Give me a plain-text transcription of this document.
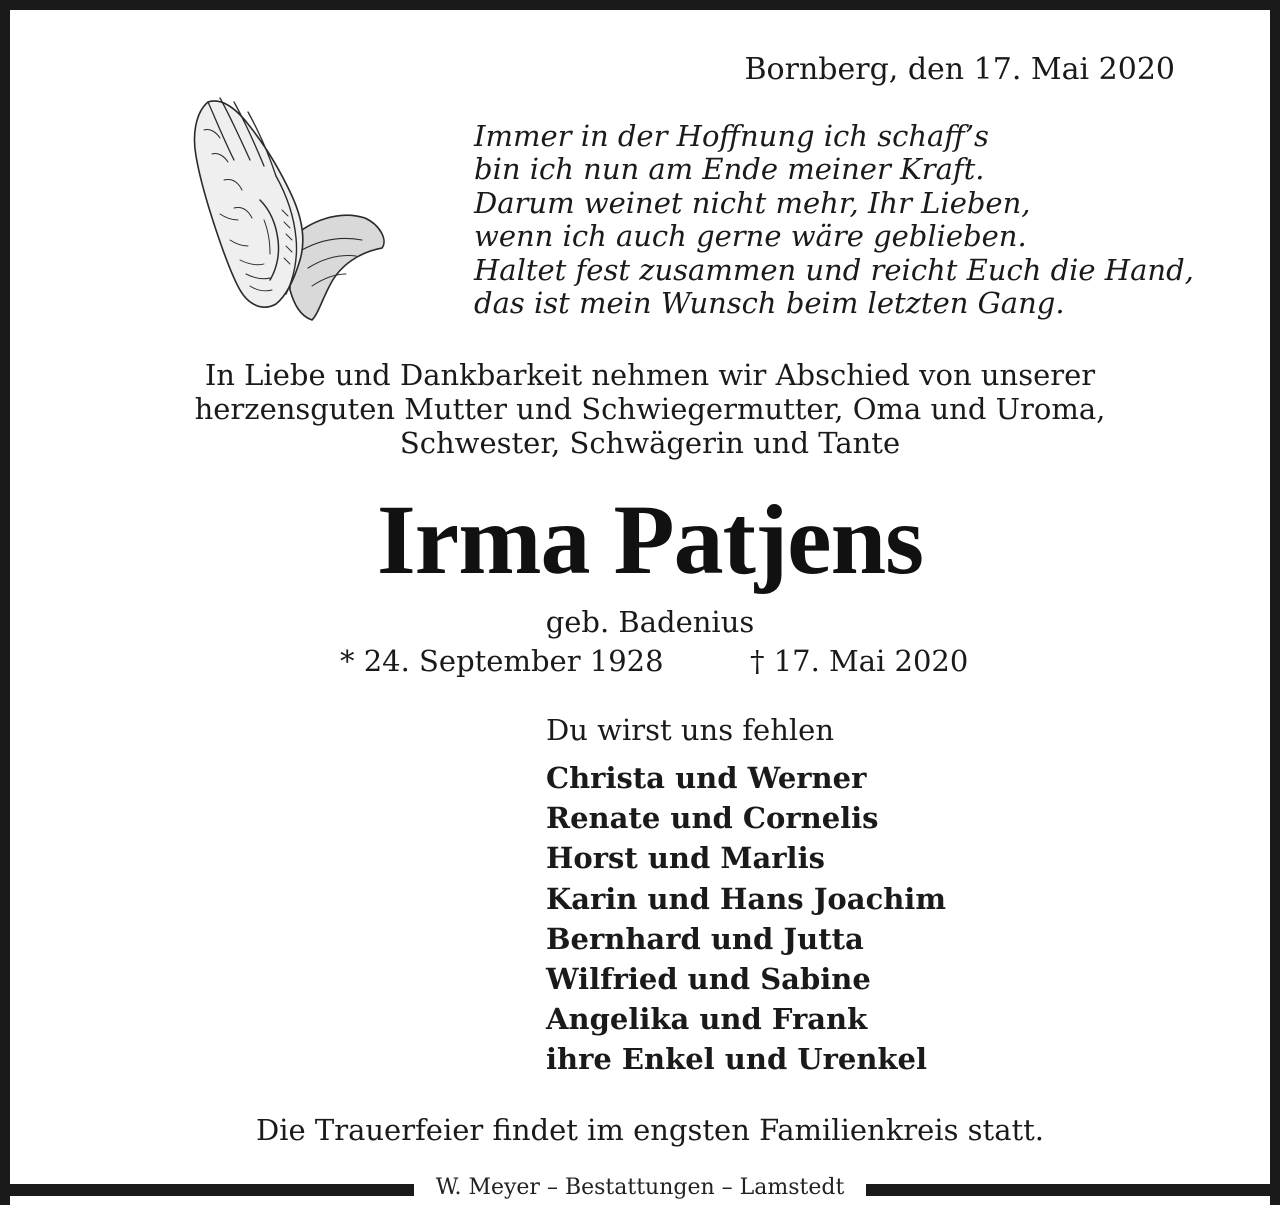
Bornberg, den 17. Mai 2020
Immer in der Hoffnung ich schaff’s
bin ich nun am Ende meiner Kraft.
Darum weinet nicht mehr, Ihr Lieben,
wenn ich auch gerne wäre geblieben.
Haltet fest zusammen und reicht Euch die Hand,
das ist mein Wunsch beim letzten Gang.
In Liebe und Dankbarkeit nehmen wir Abschied von unserer
herzensguten Mutter und Schwiegermutter, Oma und Uroma,
Schwester, Schwägerin und Tante
Irma Patjens
geb. Badenius
* 24. September 1928	† 17. Mai 2020
Du wirst uns fehlen
Christa und Werner
Renate und Cornelis
Horst und Marlis
Karin und Hans Joachim
Bernhard und Jutta
Wilfried und Sabine
Angelika und Frank
ihre Enkel und Urenkel
Die Trauerfeier findet im engsten Familienkreis statt.
W. Meyer – Bestattungen – Lamstedt
